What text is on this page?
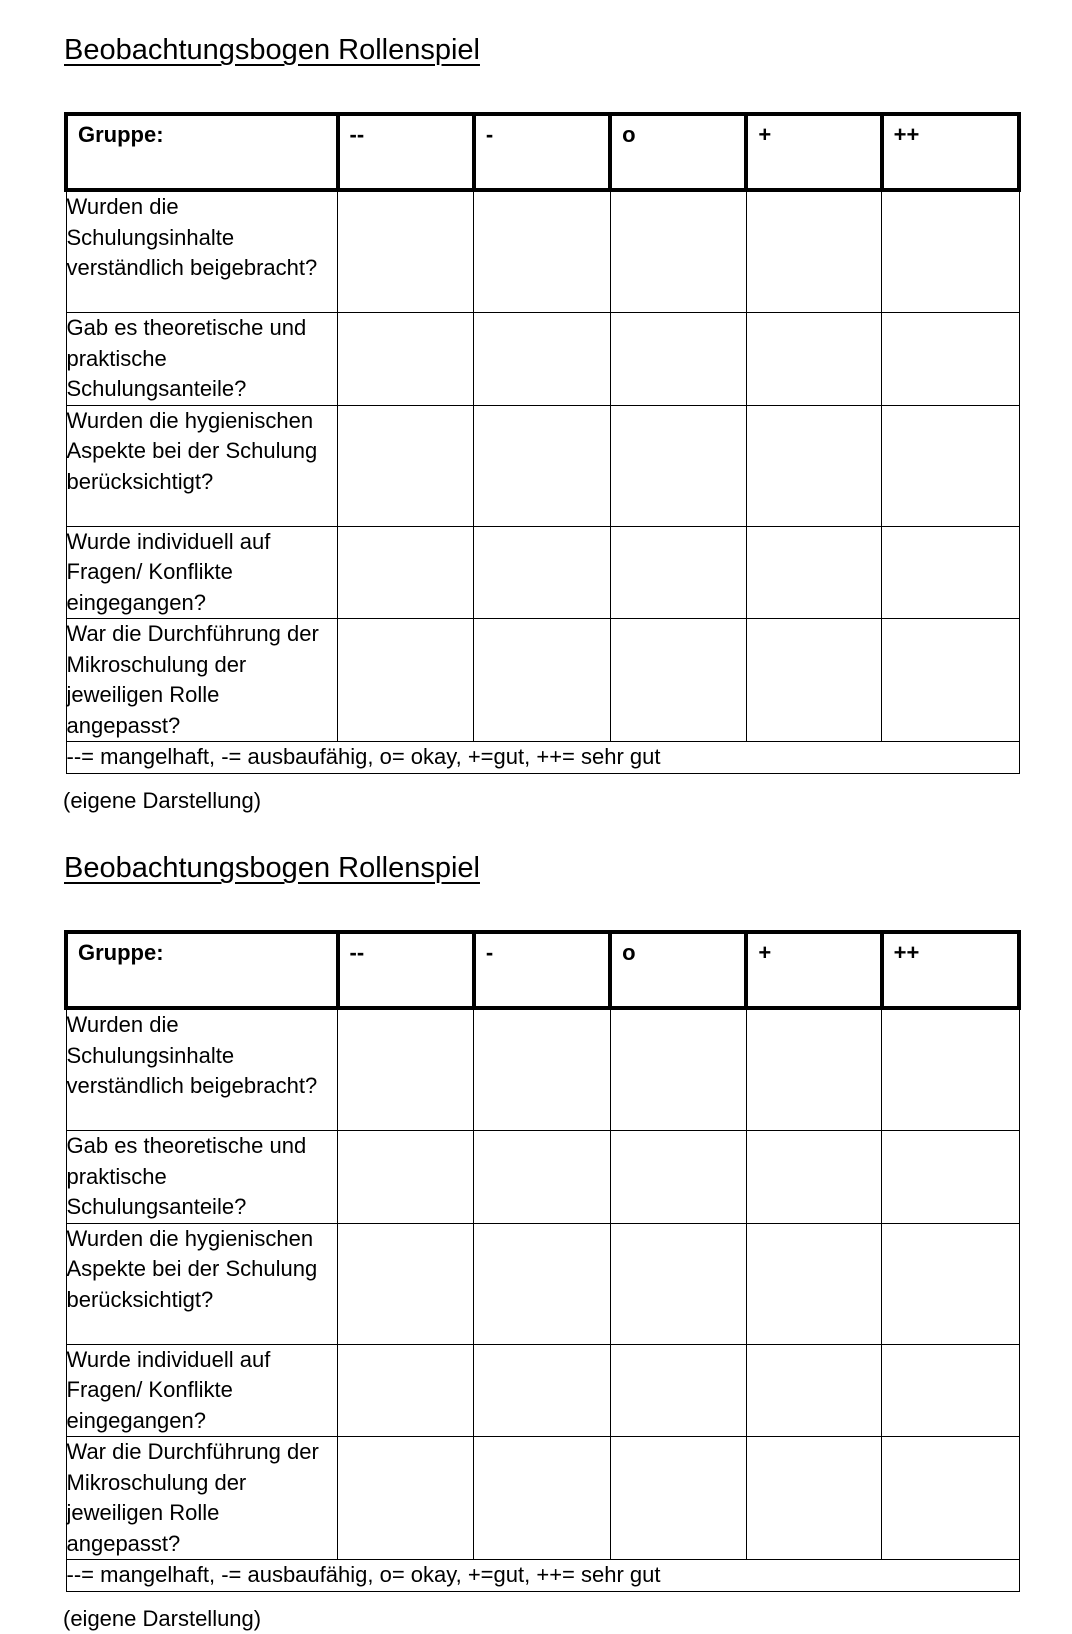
Beobachtungsbogen Rollenspiel
Gruppe:	--	-	o	+	++
Wurden die Schulungsinhalte verständlich beigebracht?					
Gab es theoretische und praktische Schulungsanteile?					
Wurden die hygienischen Aspekte bei der Schulung berücksichtigt?					
Wurde individuell auf Fragen/ Konflikte eingegangen?					
War die Durchführung der Mikroschulung der jeweiligen Rolle angepasst?					
--= mangelhaft, -= ausbaufähig, o= okay, +=gut, ++= sehr gut					
(eigene Darstellung)
Beobachtungsbogen Rollenspiel
Gruppe:	--	-	o	+	++
Wurden die Schulungsinhalte verständlich beigebracht?					
Gab es theoretische und praktische Schulungsanteile?					
Wurden die hygienischen Aspekte bei der Schulung berücksichtigt?					
Wurde individuell auf Fragen/ Konflikte eingegangen?					
War die Durchführung der Mikroschulung der jeweiligen Rolle angepasst?					
--= mangelhaft, -= ausbaufähig, o= okay, +=gut, ++= sehr gut					
(eigene Darstellung)
